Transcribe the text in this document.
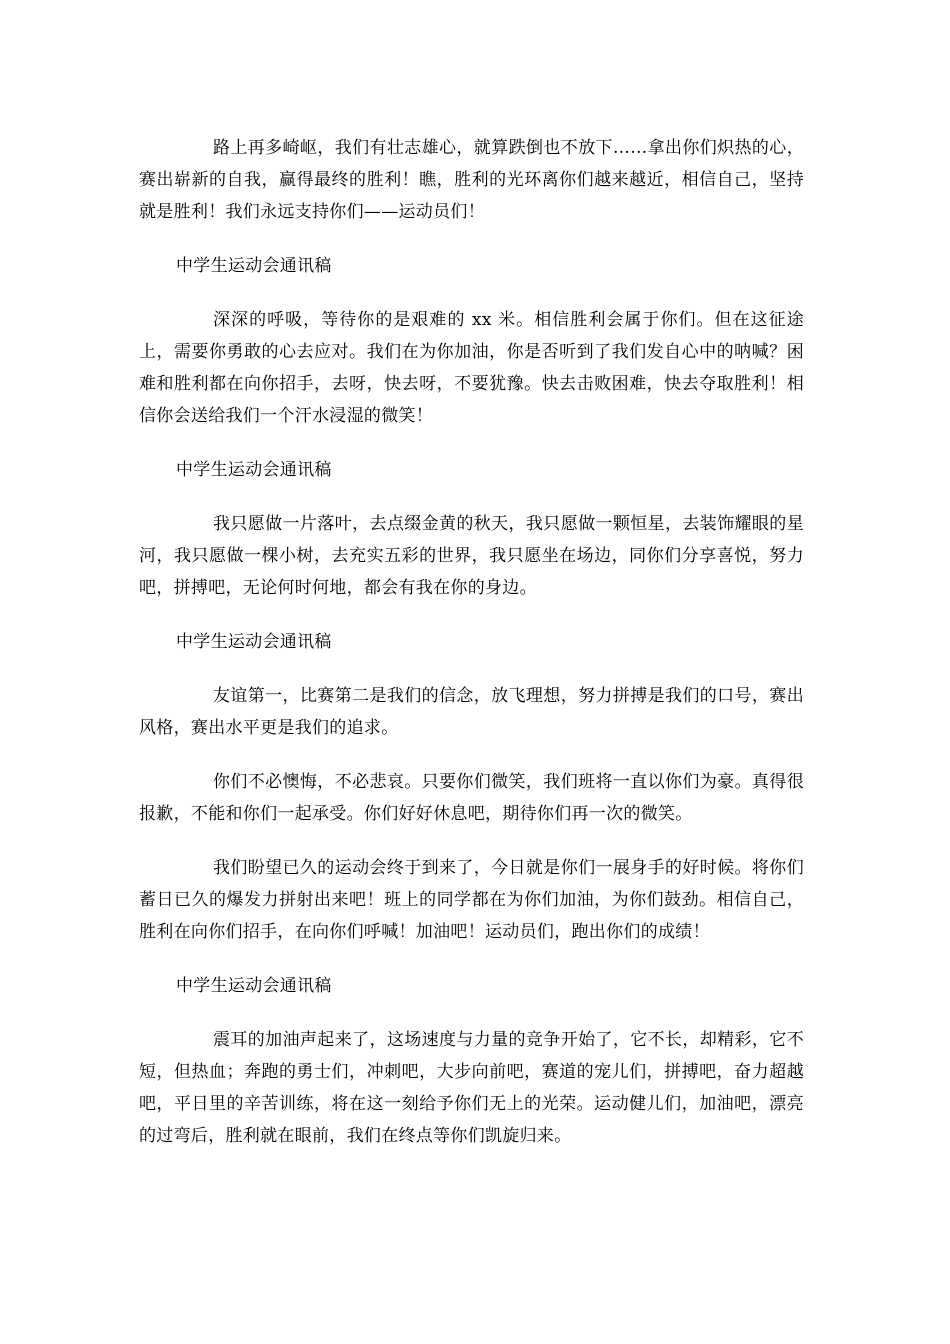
路上再多崎岖，我们有壮志雄心，就算跌倒也不放下……拿出你们炽热的心，赛出崭新的自我，赢得最终的胜利！瞧，胜利的光环离你们越来越近，相信自己，坚持就是胜利！我们永远支持你们——运动员们！

中学生运动会通讯稿

深深的呼吸，等待你的是艰难的 xx 米。相信胜利会属于你们。但在这征途上，需要你勇敢的心去应对。我们在为你加油，你是否听到了我们发自心中的呐喊？困难和胜利都在向你招手，去呀，快去呀，不要犹豫。快去击败困难，快去夺取胜利！相信你会送给我们一个汗水浸湿的微笑！

中学生运动会通讯稿

我只愿做一片落叶，去点缀金黄的秋天，我只愿做一颗恒星，去装饰耀眼的星河，我只愿做一棵小树，去充实五彩的世界，我只愿坐在场边，同你们分享喜悦，努力吧，拼搏吧，无论何时何地，都会有我在你的身边。

中学生运动会通讯稿

友谊第一，比赛第二是我们的信念，放飞理想，努力拼搏是我们的口号，赛出风格，赛出水平更是我们的追求。

你们不必懊悔，不必悲哀。只要你们微笑，我们班将一直以你们为豪。真得很报歉，不能和你们一起承受。你们好好休息吧，期待你们再一次的微笑。

我们盼望已久的运动会终于到来了，今日就是你们一展身手的好时候。将你们蓄日已久的爆发力拼射出来吧！班上的同学都在为你们加油，为你们鼓劲。相信自己，胜利在向你们招手，在向你们呼喊！加油吧！运动员们，跑出你们的成绩！

中学生运动会通讯稿

震耳的加油声起来了，这场速度与力量的竞争开始了，它不长，却精彩，它不短，但热血；奔跑的勇士们，冲刺吧，大步向前吧，赛道的宠儿们，拼搏吧，奋力超越吧，平日里的辛苦训练，将在这一刻给予你们无上的光荣。运动健儿们，加油吧，漂亮的过弯后，胜利就在眼前，我们在终点等你们凯旋归来。
